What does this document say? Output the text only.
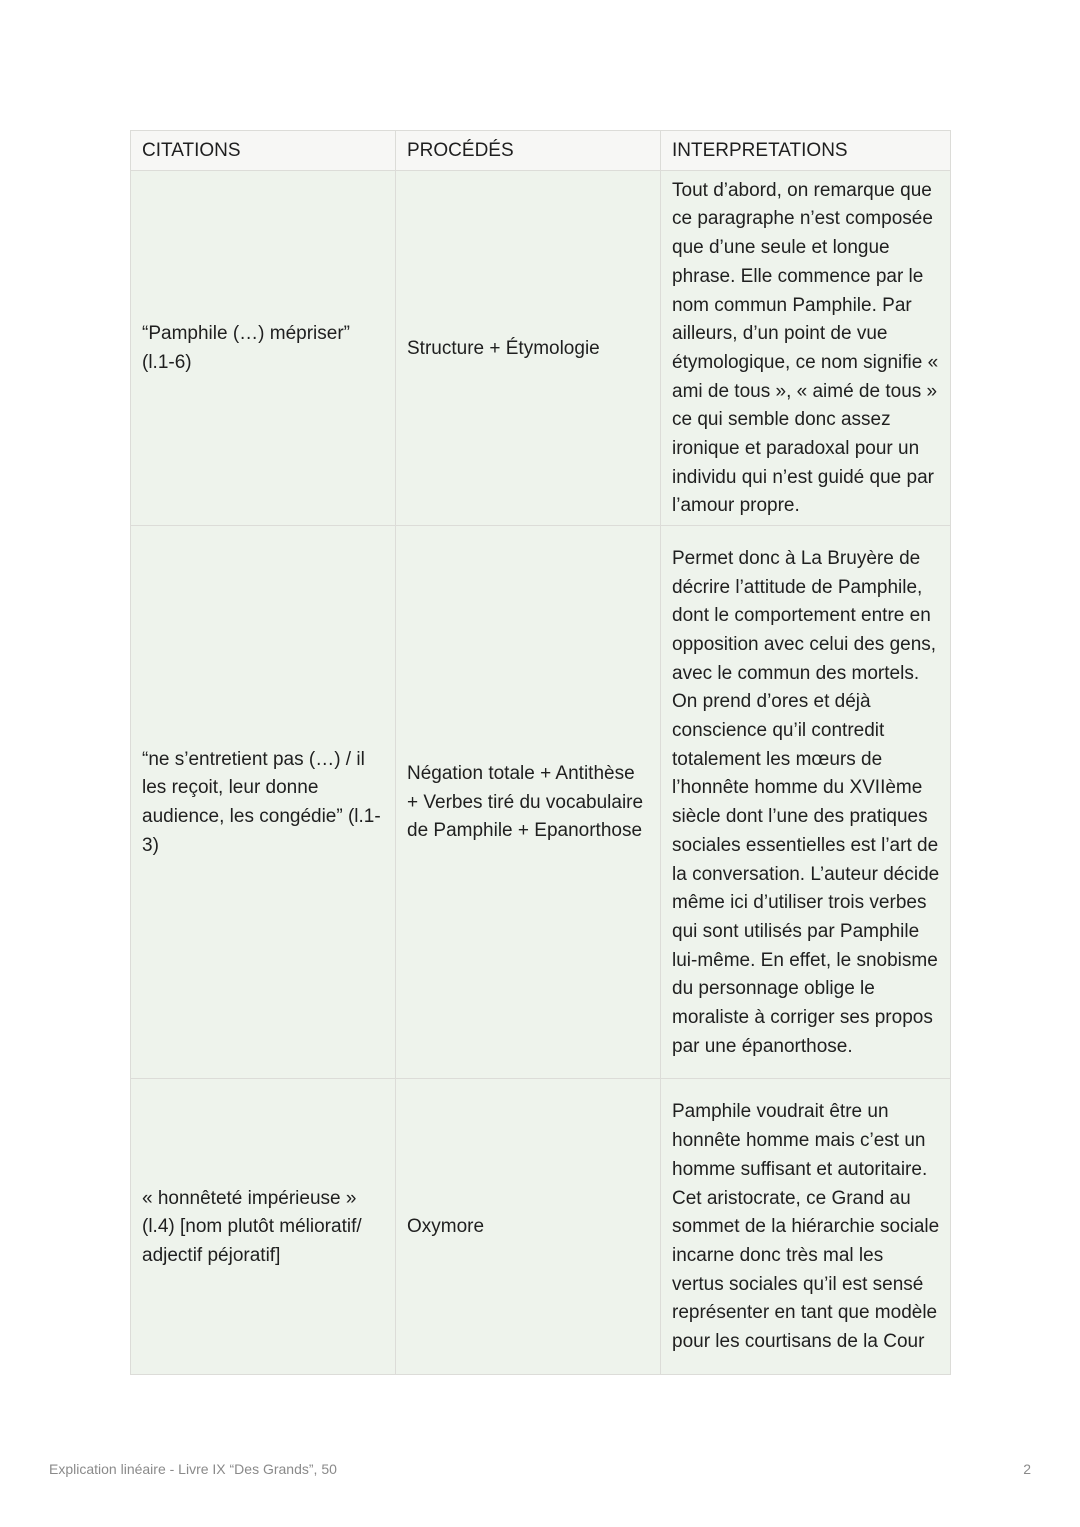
CITATIONS	PROCÉDÉS	INTERPRETATIONS
“Pamphile (…) mépriser” (l.1-6)	Structure + Étymologie	Tout d’abord, on remarque que ce paragraphe n’est composée que d’une seule et longue phrase. Elle commence par le nom commun Pamphile. Par ailleurs, d’un point de vue étymologique, ce nom signifie « ami de tous », « aimé de tous » ce qui semble donc assez ironique et paradoxal pour un individu qui n’est guidé que par l’amour propre.
“ne s’entretient pas (…) / il les reçoit, leur donne audience, les congédie” (l.1-3)	Négation totale + Antithèse + Verbes tiré du vocabulaire de Pamphile + Epanorthose	Permet donc à La Bruyère de décrire l’attitude de Pamphile, dont le comportement entre en opposition avec celui des gens, avec le commun des mortels. On prend d’ores et déjà conscience qu’il contredit totalement les mœurs de l’honnête homme du XVIIème siècle dont l’une des pratiques sociales essentielles est l’art de la conversation. L’auteur décide même ici d’utiliser trois verbes qui sont utilisés par Pamphile lui-même. En effet, le snobisme du personnage oblige le moraliste à corriger ses propos par une épanorthose.
« honnêteté impérieuse » (l.4) [nom plutôt mélioratif/ adjectif péjoratif]	Oxymore	Pamphile voudrait être un honnête homme mais c’est un homme suffisant et autoritaire. Cet aristocrate, ce Grand au sommet de la hiérarchie sociale incarne donc très mal les vertus sociales qu’il est sensé représenter en tant que modèle pour les courtisans de la Cour
Explication linéaire - Livre IX “Des Grands”, 50	2
